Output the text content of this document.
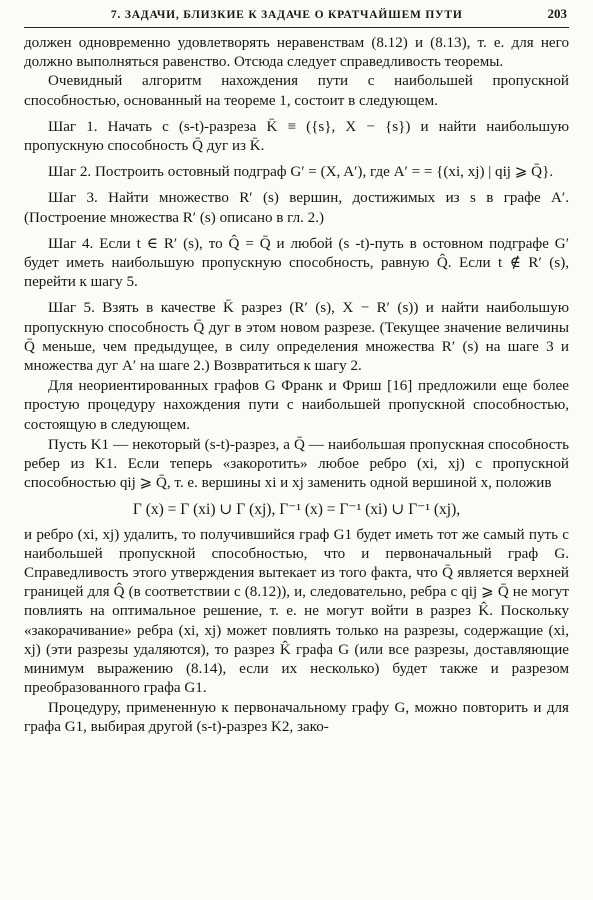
7. ЗАДАЧИ, БЛИЗКИЕ К ЗАДАЧЕ О КРАТЧАЙШЕМ ПУТИ	203

должен одновременно удовлетворять неравенствам (8.12) и (8.13), т. е. для него должно выполняться равенство. Отсюда следует справедливость теоремы.

Очевидный алгоритм нахождения пути с наибольшей пропускной способностью, основанный на теореме 1, состоит в следующем.

Шаг 1. Начать с (s-t)-разреза K̄ ≡ ({s}, X − {s}) и найти наибольшую пропускную способность Q̄ дуг из K̄.

Шаг 2. Построить остовный подграф G′ = (X, A′), где A′ = = {(xi, xj) | qij ⩾ Q̄}.

Шаг 3. Найти множество R′ (s) вершин, достижимых из s в графе A′. (Построение множества R′ (s) описано в гл. 2.)

Шаг 4. Если t ∈ R′ (s), то Q̂ = Q̄ и любой (s -t)-путь в остовном подграфе G′ будет иметь наибольшую пропускную способность, равную Q̂. Если t ∉ R′ (s), перейти к шагу 5.

Шаг 5. Взять в качестве K̄ разрез (R′ (s), X − R′ (s)) и найти наибольшую пропускную способность Q̄ дуг в этом новом разрезе. (Текущее значение величины Q̄ меньше, чем предыдущее, в силу определения множества R′ (s) на шаге 3 и множества дуг A′ на шаге 2.) Возвратиться к шагу 2.

Для неориентированных графов G Франк и Фриш [16] предложили еще более простую процедуру нахождения пути с наибольшей пропускной способностью, состоящую в следующем.

Пусть K1 — некоторый (s-t)-разрез, а Q̄ — наибольшая пропускная способность ребер из K1. Если теперь «закоротить» любое ребро (xi, xj) с пропускной способностью qij ⩾ Q̄, т. е. вершины xi и xj заменить одной вершиной x, положив

Γ (x) = Γ (xi) ∪ Γ (xj), Γ⁻¹ (x) = Γ⁻¹ (xi) ∪ Γ⁻¹ (xj),

и ребро (xi, xj) удалить, то получившийся граф G1 будет иметь тот же самый путь с наибольшей пропускной способностью, что и первоначальный граф G. Справедливость этого утверждения вытекает из того факта, что Q̄ является верхней границей для Q̂ (в соответствии с (8.12)), и, следовательно, ребра с qij ⩾ Q̄ не могут повлиять на оптимальное решение, т. е. не могут войти в разрез K̂. Поскольку «закорачивание» ребра (xi, xj) может повлиять только на разрезы, содержащие (xi, xj) (эти разрезы удаляются), то разрез K̂ графа G (или все разрезы, доставляющие минимум выражению (8.14), если их несколько) будет также и разрезом преобразованного графа G1.

Процедуру, примененную к первоначальному графу G, можно повторить и для графа G1, выбирая другой (s-t)-разрез K2, зако-
